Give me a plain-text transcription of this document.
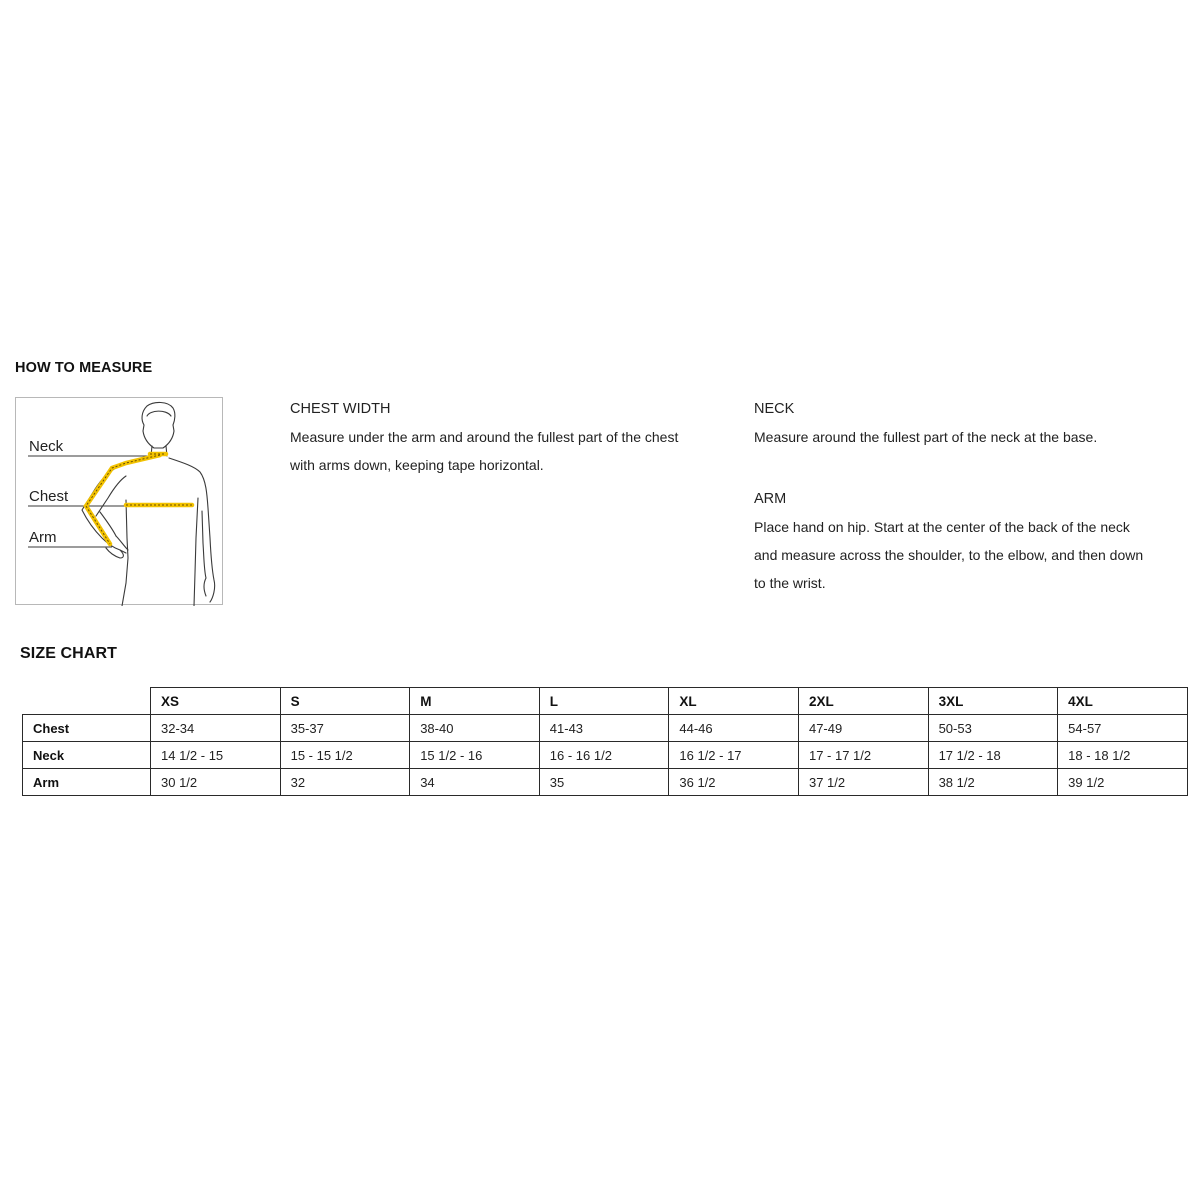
HOW TO MEASURE
Neck
Chest
Arm
CHEST WIDTH
Measure under the arm and around the fullest part of the chest
with arms down, keeping tape horizontal.
NECK
Measure around the fullest part of the neck at the base.
ARM
Place hand on hip. Start at the center of the back of the neck
and measure across the shoulder, to the elbow, and then down
to the wrist.
SIZE CHART
	XS	S	M	L	XL	2XL	3XL	4XL
Chest	32-34	35-37	38-40	41-43	44-46	47-49	50-53	54-57
Neck	14 1/2 - 15	15 - 15 1/2	15 1/2 - 16	16 - 16 1/2	16 1/2 - 17	17 - 17 1/2	17 1/2 - 18	18 - 18 1/2
Arm	30 1/2	32	34	35	36 1/2	37 1/2	38 1/2	39 1/2
